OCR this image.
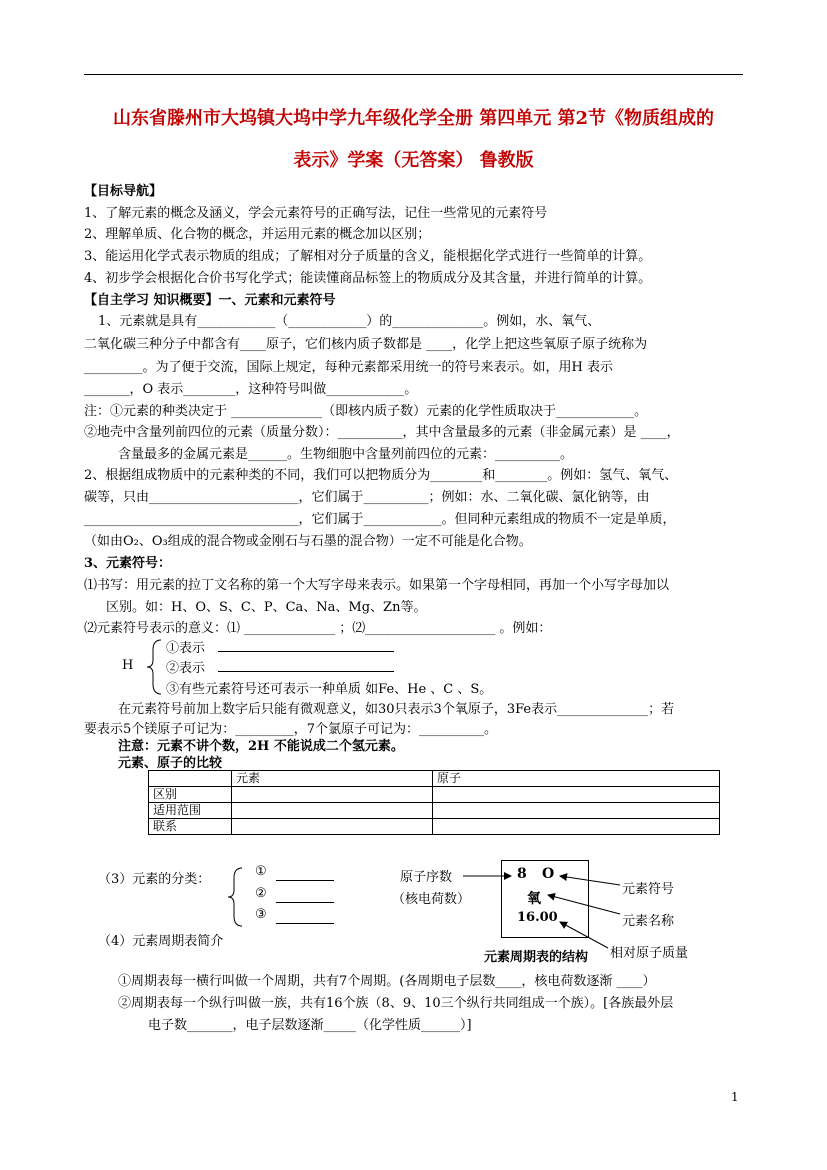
山东省滕州市大坞镇大坞中学九年级化学全册 第四单元 第2节《物质组成的
表示》学案（无答案） 鲁教版
【目标导航】
1、了解元素的概念及涵义，学会元素符号的正确写法，记住一些常见的元素符号
2、理解单质、化合物的概念，并运用元素的概念加以区别；
3、能运用化学式表示物质的组成；了解相对分子质量的含义，能根据化学式进行一些简单的计算。
4、初步学会根据化合价书写化学式；能读懂商品标签上的物质成分及其含量，并进行简单的计算。
【自主学习 知识概要】一、元素和元素符号
1、元素就是具有____________（____________）的______________。例如，水、氧气、
二氧化碳三种分子中都含有____原子，它们核内质子数都是 ____，化学上把这些氧原子原子统称为
_________。为了便于交流，国际上规定，每种元素都采用统一的符号来表示。如，用H 表示
_______，O 表示________，这种符号叫做____________。
注：①元素的种类决定于 ______________（即核内质子数）元素的化学性质取决于____________。
②地壳中含量列前四位的元素（质量分数）：__________，其中含量最多的元素（非金属元素）是 ____，
含量最多的金属元素是______。生物细胞中含量列前四位的元素：__________。
2、根据组成物质中的元素种类的不同，我们可以把物质分为________和________。例如：氢气、氧气、
碳等，只由_______________________，它们属于__________；例如：水、二氧化碳、氯化钠等，由
_________________________________，它们属于____________。但同种元素组成的物质不一定是单质，
（如由O₂、O₃组成的混合物或金刚石与石墨的混合物）一定不可能是化合物。
3、元素符号：
⑴书写：用元素的拉丁文名称的第一个大写字母来表示。如果第一个字母相同，再加一个小写字母加以
区别。如：H、O、S、C、P、Ca、Na、Mg、Zn等。
⑵元素符号表示的意义：⑴ ______________ ；⑵____________________ 。例如：
H
①表示
②表示
③有些元素符号还可表示一种单质 如Fe、He 、C 、S。
在元素符号前加上数字后只能有微观意义，如30只表示3个氧原子，3Fe表示______________；若
要表示5个镁原子可记为：_________，7个氯原子可记为：__________。
注意：元素不讲个数，2H 不能说成二个氢元素。
元素、原子的比较
	元素	原子
区别		
适用范围		
联系		
（3）元素的分类：
①
②
③
（4）元素周期表简介
原子序数
（核电荷数）
8 O
氧
16.00
元素符号
元素名称
相对原子质量
元素周期表的结构
①周期表每一横行叫做一个周期，共有7个周期。(各周期电子层数____，核电荷数逐渐 ____）
②周期表每一个纵行叫做一族，共有16个族（8、9、10三个纵行共同组成一个族）。[各族最外层
电子数_______，电子层数逐渐_____（化学性质______）]
1
